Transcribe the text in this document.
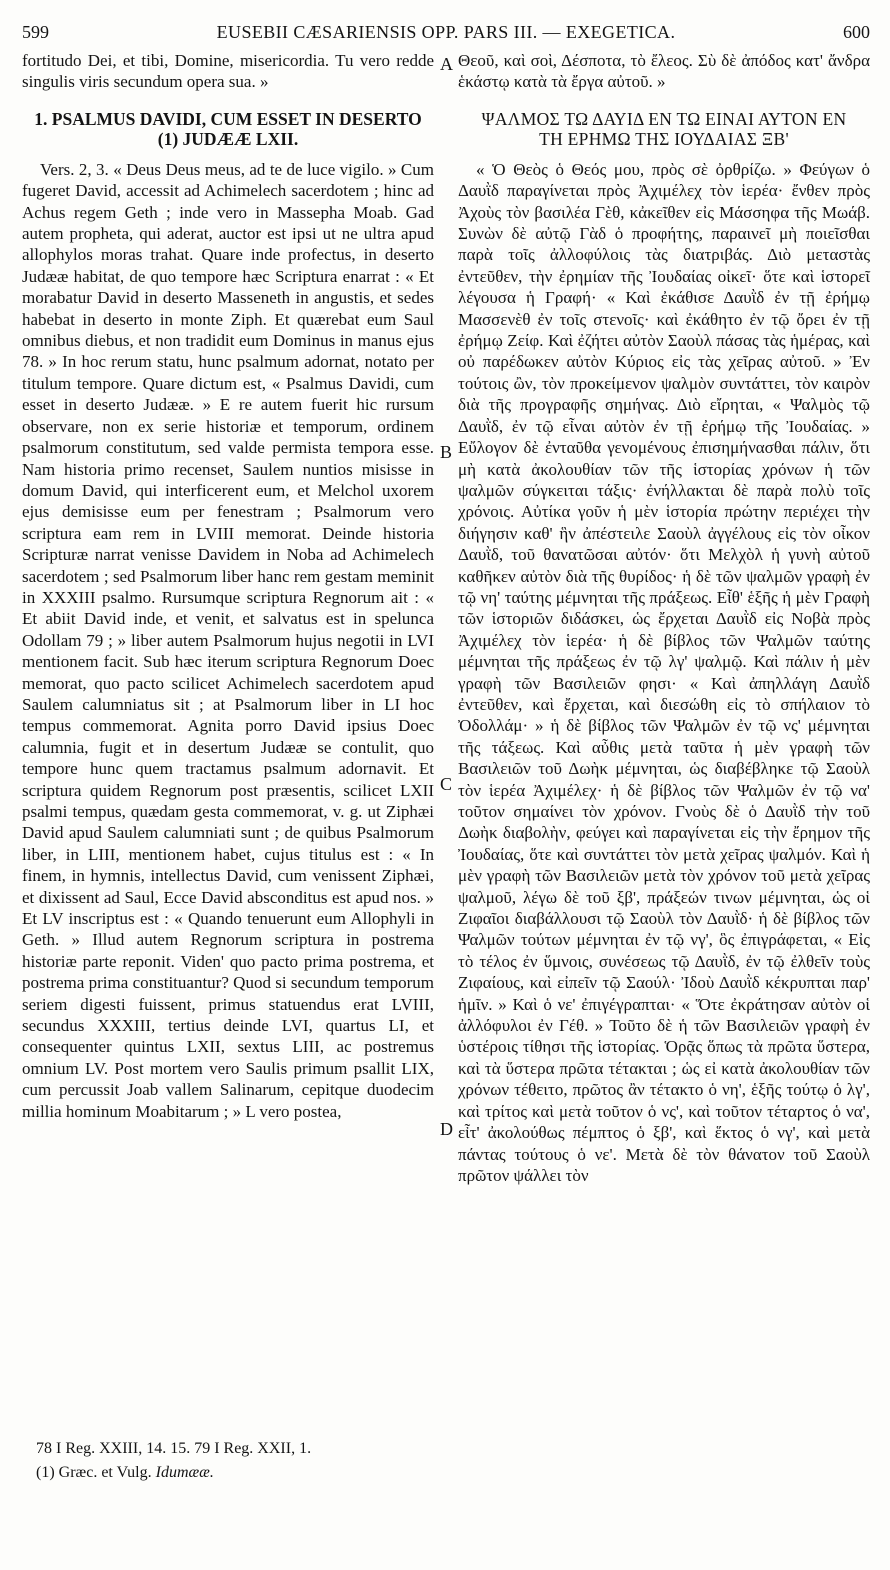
599	EUSEBII CÆSARIENSIS OPP. PARS III. — EXEGETICA.	600

fortitudo Dei, et tibi, Domine, misericordia. Tu vero redde singulis viris secundum opera sua. »

1. PSALMUS DAVIDI, CUM ESSET IN DESERTO
(1) JUDÆÆ LXII.

Vers. 2, 3. « Deus Deus meus, ad te de luce vigilo. » Cum fugeret David, accessit ad Achimelech sacerdotem ; hinc ad Achus regem Geth ; inde vero in Massepha Moab. Gad autem propheta, qui aderat, auctor est ipsi ut ne ultra apud allophylos moras trahat. Quare inde profectus, in deserto Judææ habitat, de quo tempore hæc Scriptura enarrat : « Et morabatur David in deserto Masseneth in angustis, et sedes habebat in deserto in monte Ziph. Et quærebat eum Saul omnibus diebus, et non tradidit eum Dominus in manus ejus 78. » In hoc rerum statu, hunc psalmum adornat, notato per titulum tempore. Quare dictum est, « Psalmus Davidi, cum esset in deserto Judææ. » E re autem fuerit hic rursum observare, non ex serie historiæ et temporum, ordinem psalmorum constitutum, sed valde permista tempora esse. Nam historia primo recenset, Saulem nuntios misisse in domum David, qui interficerent eum, et Melchol uxorem ejus demisisse eum per fenestram ; Psalmorum vero scriptura eam rem in LVIII memorat. Deinde historia Scripturæ narrat venisse Davidem in Noba ad Achimelech sacerdotem ; sed Psalmorum liber hanc rem gestam meminit in XXXIII psalmo. Rursumque scriptura Regnorum ait : « Et abiit David inde, et venit, et salvatus est in spelunca Odollam 79 ; » liber autem Psalmorum hujus negotii in LVI mentionem facit. Sub hæc iterum scriptura Regnorum Doec memorat, quo pacto scilicet Achimelech sacerdotem apud Saulem calumniatus sit ; at Psalmorum liber in LI hoc tempus commemorat. Agnita porro David ipsius Doec calumnia, fugit et in desertum Judææ se contulit, quo tempore hunc quem tractamus psalmum adornavit. Et scriptura quidem Regnorum post præsentis, scilicet LXII psalmi tempus, quædam gesta commemorat, v. g. ut Ziphæi David apud Saulem calumniati sunt ; de quibus Psalmorum liber, in LIII, mentionem habet, cujus titulus est : « In finem, in hymnis, intellectus David, cum venissent Ziphæi, et dixissent ad Saul, Ecce David absconditus est apud nos. » Et LV inscriptus est : « Quando tenuerunt eum Allophyli in Geth. » Illud autem Regnorum scriptura in postrema historiæ parte reponit. Viden' quo pacto prima postrema, et postrema prima constituantur? Quod si secundum temporum seriem digesti fuissent, primus statuendus erat LVIII, secundus XXXIII, tertius deinde LVI, quartus LI, et consequenter quintus LXII, sextus LIII, ac postremus omnium LV. Post mortem vero Saulis primum psallit LIX, cum percussit Joab vallem Salinarum, cepitque duodecim millia hominum Moabitarum ; » L vero postea,

Θεοῦ, καὶ σοὶ, Δέσποτα, τὸ ἔλεος. Σὺ δὲ ἀπόδος κατ' ἄνδρα ἑκάστῳ κατὰ τὰ ἔργα αὐτοῦ. »

ΨΑΛΜΟΣ ΤΩ ΔΑΥΙΔ ΕΝ ΤΩ ΕΙΝΑΙ ΑΥΤΟΝ ΕΝ
ΤΗ ΕΡΗΜΩ ΤΗΣ ΙΟΥΔΑΙΑΣ ΞΒ'

« Ὁ Θεὸς ὁ Θεός μου, πρὸς σὲ ὀρθρίζω. » Φεύγων ὁ Δαυῒδ παραγίνεται πρὸς Ἀχιμέλεχ τὸν ἱερέα· ἔνθεν πρὸς Ἀχοὺς τὸν βασιλέα Γὲθ, κἀκεῖθεν εἰς Μάσσηφα τῆς Μωάβ. Συνὼν δὲ αὐτῷ Γὰδ ὁ προφήτης, παραινεῖ μὴ ποιεῖσθαι παρὰ τοῖς ἀλλοφύλοις τὰς διατριβάς. Διὸ μεταστὰς ἐντεῦθεν, τὴν ἐρημίαν τῆς Ἰουδαίας οἰκεῖ· ὅτε καὶ ἱστορεῖ λέγουσα ἡ Γραφή· « Καὶ ἐκάθισε Δαυῒδ ἐν τῇ ἐρήμῳ Μασσενὲθ ἐν τοῖς στενοῖς· καὶ ἐκάθητο ἐν τῷ ὄρει ἐν τῇ ἐρήμῳ Ζείφ. Καὶ ἐζήτει αὐτὸν Σαοὺλ πάσας τὰς ἡμέρας, καὶ οὐ παρέδωκεν αὐτὸν Κύριος εἰς τὰς χεῖρας αὐτοῦ. » Ἐν τούτοις ὢν, τὸν προκείμενον ψαλμὸν συντάττει, τὸν καιρὸν διὰ τῆς προγραφῆς σημήνας. Διὸ εἴρηται, « Ψαλμὸς τῷ Δαυῒδ, ἐν τῷ εἶναι αὐτὸν ἐν τῇ ἐρήμῳ τῆς Ἰουδαίας. » Εὔλογον δὲ ἐνταῦθα γενομένους ἐπισημήνασθαι πάλιν, ὅτι μὴ κατὰ ἀκολουθίαν τῶν τῆς ἱστορίας χρόνων ἡ τῶν ψαλμῶν σύγκειται τάξις· ἐνήλλακται δὲ παρὰ πολὺ τοῖς χρόνοις. Αὐτίκα γοῦν ἡ μὲν ἱστορία πρώτην περιέχει τὴν διήγησιν καθ' ἣν ἀπέστειλε Σαοὺλ ἀγγέλους εἰς τὸν οἶκον Δαυῒδ, τοῦ θανατῶσαι αὐτόν· ὅτι Μελχὸλ ἡ γυνὴ αὐτοῦ καθῆκεν αὐτὸν διὰ τῆς θυρίδος· ἡ δὲ τῶν ψαλμῶν γραφὴ ἐν τῷ νη' ταύτης μέμνηται τῆς πράξεως. Εἶθ' ἑξῆς ἡ μὲν Γραφὴ τῶν ἱστοριῶν διδάσκει, ὡς ἔρχεται Δαυῒδ εἰς Νοβὰ πρὸς Ἀχιμέλεχ τὸν ἱερέα· ἡ δὲ βίβλος τῶν Ψαλμῶν ταύτης μέμνηται τῆς πράξεως ἐν τῷ λγ' ψαλμῷ. Καὶ πάλιν ἡ μὲν γραφὴ τῶν Βασιλειῶν φησι· « Καὶ ἀπηλλάγη Δαυῒδ ἐντεῦθεν, καὶ ἔρχεται, καὶ διεσώθη εἰς τὸ σπήλαιον τὸ Ὀδολλάμ· » ἡ δὲ βίβλος τῶν Ψαλμῶν ἐν τῷ νς' μέμνηται τῆς τάξεως. Καὶ αὖθις μετὰ ταῦτα ἡ μὲν γραφὴ τῶν Βασιλειῶν τοῦ Δωὴκ μέμνηται, ὡς διαβέβληκε τῷ Σαοὺλ τὸν ἱερέα Ἀχιμέλεχ· ἡ δὲ βίβλος τῶν Ψαλμῶν ἐν τῷ να' τοῦτον σημαίνει τὸν χρόνον. Γνοὺς δὲ ὁ Δαυῒδ τὴν τοῦ Δωὴκ διαβολὴν, φεύγει καὶ παραγίνεται εἰς τὴν ἔρημον τῆς Ἰουδαίας, ὅτε καὶ συντάττει τὸν μετὰ χεῖρας ψαλμόν. Καὶ ἡ μὲν γραφὴ τῶν Βασιλειῶν μετὰ τὸν χρόνον τοῦ μετὰ χεῖρας ψαλμοῦ, λέγω δὲ τοῦ ξβ', πράξεών τινων μέμνηται, ὡς οἱ Ζιφαῖοι διαβάλλουσι τῷ Σαοὺλ τὸν Δαυῒδ· ἡ δὲ βίβλος τῶν Ψαλμῶν τούτων μέμνηται ἐν τῷ νγ', ὃς ἐπιγράφεται, « Εἰς τὸ τέλος ἐν ὕμνοις, συνέσεως τῷ Δαυῒδ, ἐν τῷ ἐλθεῖν τοὺς Ζιφαίους, καὶ εἰπεῖν τῷ Σαούλ· Ἰδοὺ Δαυῒδ κέκρυπται παρ' ἡμῖν. » Καὶ ὁ νε' ἐπιγέγραπται· « Ὅτε ἐκράτησαν αὐτὸν οἱ ἀλλόφυλοι ἐν Γέθ. » Τοῦτο δὲ ἡ τῶν Βασιλειῶν γραφὴ ἐν ὑστέροις τίθησι τῆς ἱστορίας. Ὁρᾷς ὅπως τὰ πρῶτα ὕστερα, καὶ τὰ ὕστερα πρῶτα τέτακται ; ὡς εἰ κατὰ ἀκολουθίαν τῶν χρόνων τέθειτο, πρῶτος ἂν τέτακτο ὁ νη', ἑξῆς τούτῳ ὁ λγ', καὶ τρίτος καὶ μετὰ τοῦτον ὁ νς', καὶ τοῦτον τέταρτος ὁ να', εἶτ' ἀκολούθως πέμπτος ὁ ξβ', καὶ ἕκτος ὁ νγ', καὶ μετὰ πάντας τούτους ὁ νε'. Μετὰ δὲ τὸν θάνατον τοῦ Σαοὺλ πρῶτον ψάλλει τὸν

A
B
C
D
78 I Reg. XXIII, 14. 15. 79 I Reg. XXII, 1.
(1) Græc. et Vulg. Idumææ.
